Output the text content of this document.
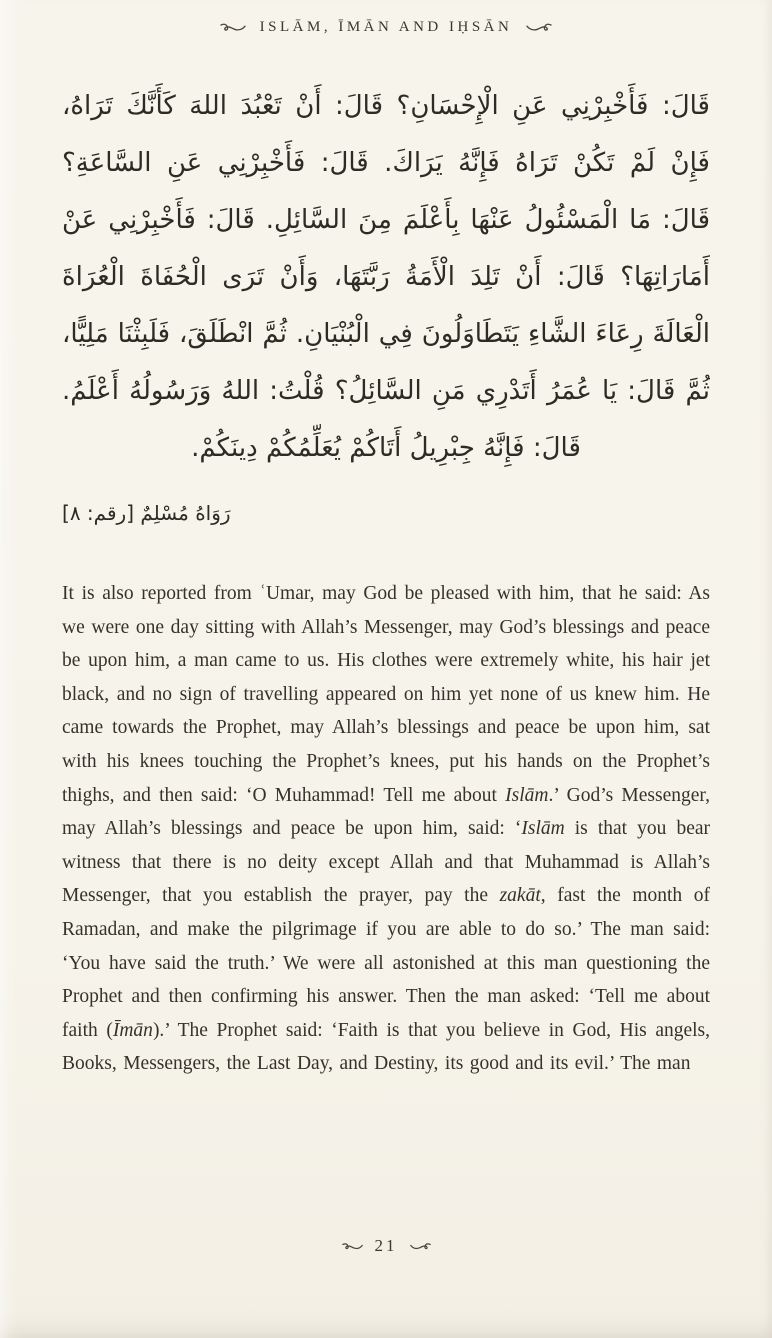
ISLĀM, ĪMĀN AND IḤSĀN
قَالَ: فَأَخْبِرْنِي عَنِ الْإِحْسَانِ؟ قَالَ: أَنْ تَعْبُدَ اللهَ كَأَنَّكَ تَرَاهُ،
فَإِنْ لَمْ تَكُنْ تَرَاهُ فَإِنَّهُ يَرَاكَ. قَالَ: فَأَخْبِرْنِي عَنِ السَّاعَةِ؟
قَالَ: مَا الْمَسْئُولُ عَنْهَا بِأَعْلَمَ مِنَ السَّائِلِ. قَالَ: فَأَخْبِرْنِي عَنْ
أَمَارَاتِهَا؟ قَالَ: أَنْ تَلِدَ الْأَمَةُ رَبَّتَهَا، وَأَنْ تَرَى الْحُفَاةَ الْعُرَاةَ
الْعَالَةَ رِعَاءَ الشَّاءِ يَتَطَاوَلُونَ فِي الْبُنْيَانِ. ثُمَّ انْطَلَقَ، فَلَبِثْنَا مَلِيًّا،
ثُمَّ قَالَ: يَا عُمَرُ أَتَدْرِي مَنِ السَّائِلُ؟ قُلْتُ: اللهُ وَرَسُولُهُ أَعْلَمُ.
قَالَ: فَإِنَّهُ جِبْرِيلُ أَتَاكُمْ يُعَلِّمُكُمْ دِينَكُمْ.
رَوَاهُ مُسْلِمٌ [رقم: ٨]

It is also reported from ʿUmar, may God be pleased with him, that he said: As we were one day sitting with Allah’s Messenger, may God’s blessings and peace be upon him, a man came to us. His clothes were extremely white, his hair jet black, and no sign of travelling appeared on him yet none of us knew him. He came towards the Prophet, may Allah’s blessings and peace be upon him, sat with his knees touching the Prophet’s knees, put his hands on the Prophet’s thighs, and then said: ‘O Muhammad! Tell me about Islām.’ God’s Messenger, may Allah’s blessings and peace be upon him, said: ‘Islām is that you bear witness that there is no deity except Allah and that Muhammad is Allah’s Messenger, that you establish the prayer, pay the zakāt, fast the month of Ramadan, and make the pilgrimage if you are able to do so.’ The man said: ‘You have said the truth.’ We were all astonished at this man questioning the Prophet and then confirming his answer. Then the man asked: ‘Tell me about faith (Īmān).’ The Prophet said: ‘Faith is that you believe in God, His angels, Books, Messengers, the Last Day, and Destiny, its good and its evil.’ The man

21
